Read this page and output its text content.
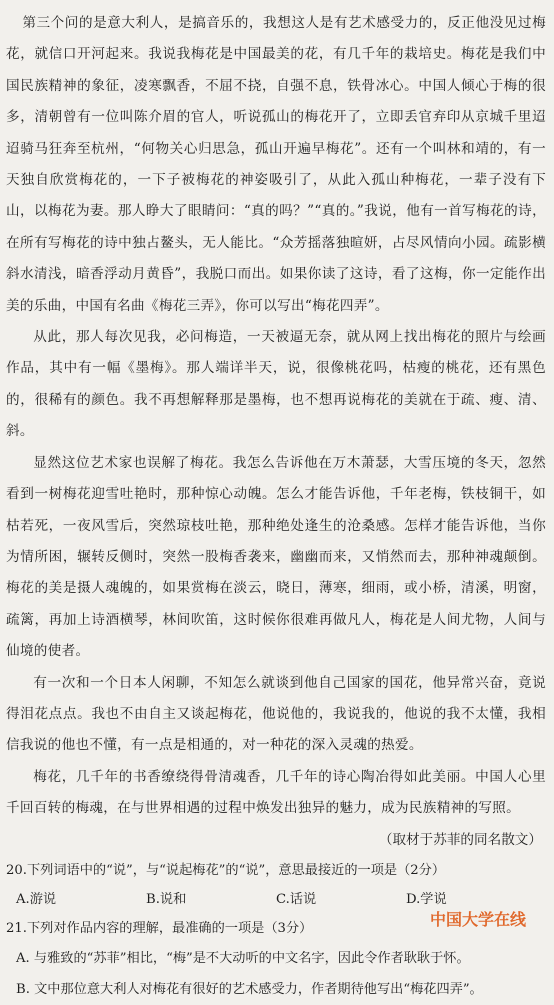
第三个问的是意大利人，是搞音乐的，我想这人是有艺术感受力的，反正他没见过梅花，就信口开河起来。我说我梅花是中国最美的花，有几千年的栽培史。梅花是我们中国民族精神的象征，凌寒飘香，不屈不挠，自强不息，铁骨冰心。中国人倾心于梅的很多，清朝曾有一位叫陈介眉的官人，听说孤山的梅花开了，立即丢官弃印从京城千里迢迢骑马狂奔至杭州，“何物关心归思急，孤山开遍早梅花”。还有一个叫林和靖的，有一天独自欣赏梅花的，一下子被梅花的神姿吸引了，从此入孤山种梅花，一辈子没有下山，以梅花为妻。那人睁大了眼睛问：“真的吗？”“真的。”我说，他有一首写梅花的诗，在所有写梅花的诗中独占鳌头，无人能比。“众芳摇落独暄妍，占尽风情向小园。疏影横斜水清浅，暗香浮动月黄昏”，我脱口而出。如果你读了这诗，看了这梅，你一定能作出美的乐曲，中国有名曲《梅花三弄》，你可以写出“梅花四弄”。

从此，那人每次见我，必问梅造，一天被逼无奈，就从网上找出梅花的照片与绘画作品，其中有一幅《墨梅》。那人端详半天，说，很像桃花吗，枯瘦的桃花，还有黑色的，很稀有的颜色。我不再想解释那是墨梅，也不想再说梅花的美就在于疏、瘦、清、斜。

显然这位艺术家也误解了梅花。我怎么告诉他在万木萧瑟，大雪压境的冬天，忽然看到一树梅花迎雪吐艳时，那种惊心动魄。怎么才能告诉他，千年老梅，铁枝铜干，如枯若死，一夜风雪后，突然琼枝吐艳，那种绝处逢生的沧桑感。怎样才能告诉他，当你为情所困，辗转反侧时，突然一股梅香袭来，幽幽而来，又悄然而去，那种神魂颠倒。梅花的美是摄人魂魄的，如果赏梅在淡云，晓日，薄寒，细雨，或小桥，清溪，明窗，疏篱，再加上诗酒横琴，林间吹笛，这时候你很难再做凡人，梅花是人间尤物，人间与仙境的使者。

有一次和一个日本人闲聊，不知怎么就谈到他自己国家的国花，他异常兴奋，竟说得泪花点点。我也不由自主又谈起梅花，他说他的，我说我的，他说的我不太懂，我相信我说的他也不懂，有一点是相通的，对一种花的深入灵魂的热爱。

梅花，几千年的书香缭绕得骨清魂香，几千年的诗心陶冶得如此美丽。中国人心里千回百转的梅魂，在与世界相遇的过程中焕发出独异的魅力，成为民族精神的写照。

（取材于苏菲的同名散文）

20.下列词语中的“说”，与“说起梅花”的“说”，意思最接近的一项是（2分）

A.游说	B.说和	C.话说	D.学说

21.下列对作品内容的理解，最准确的一项是（3分）

A. 与雅致的“苏菲”相比，“梅”是不大动听的中文名字，因此令作者耿耿于怀。

B. 文中那位意大利人对梅花有很好的艺术感受力，作者期待他写出“梅花四弄”。

中国大学在线
